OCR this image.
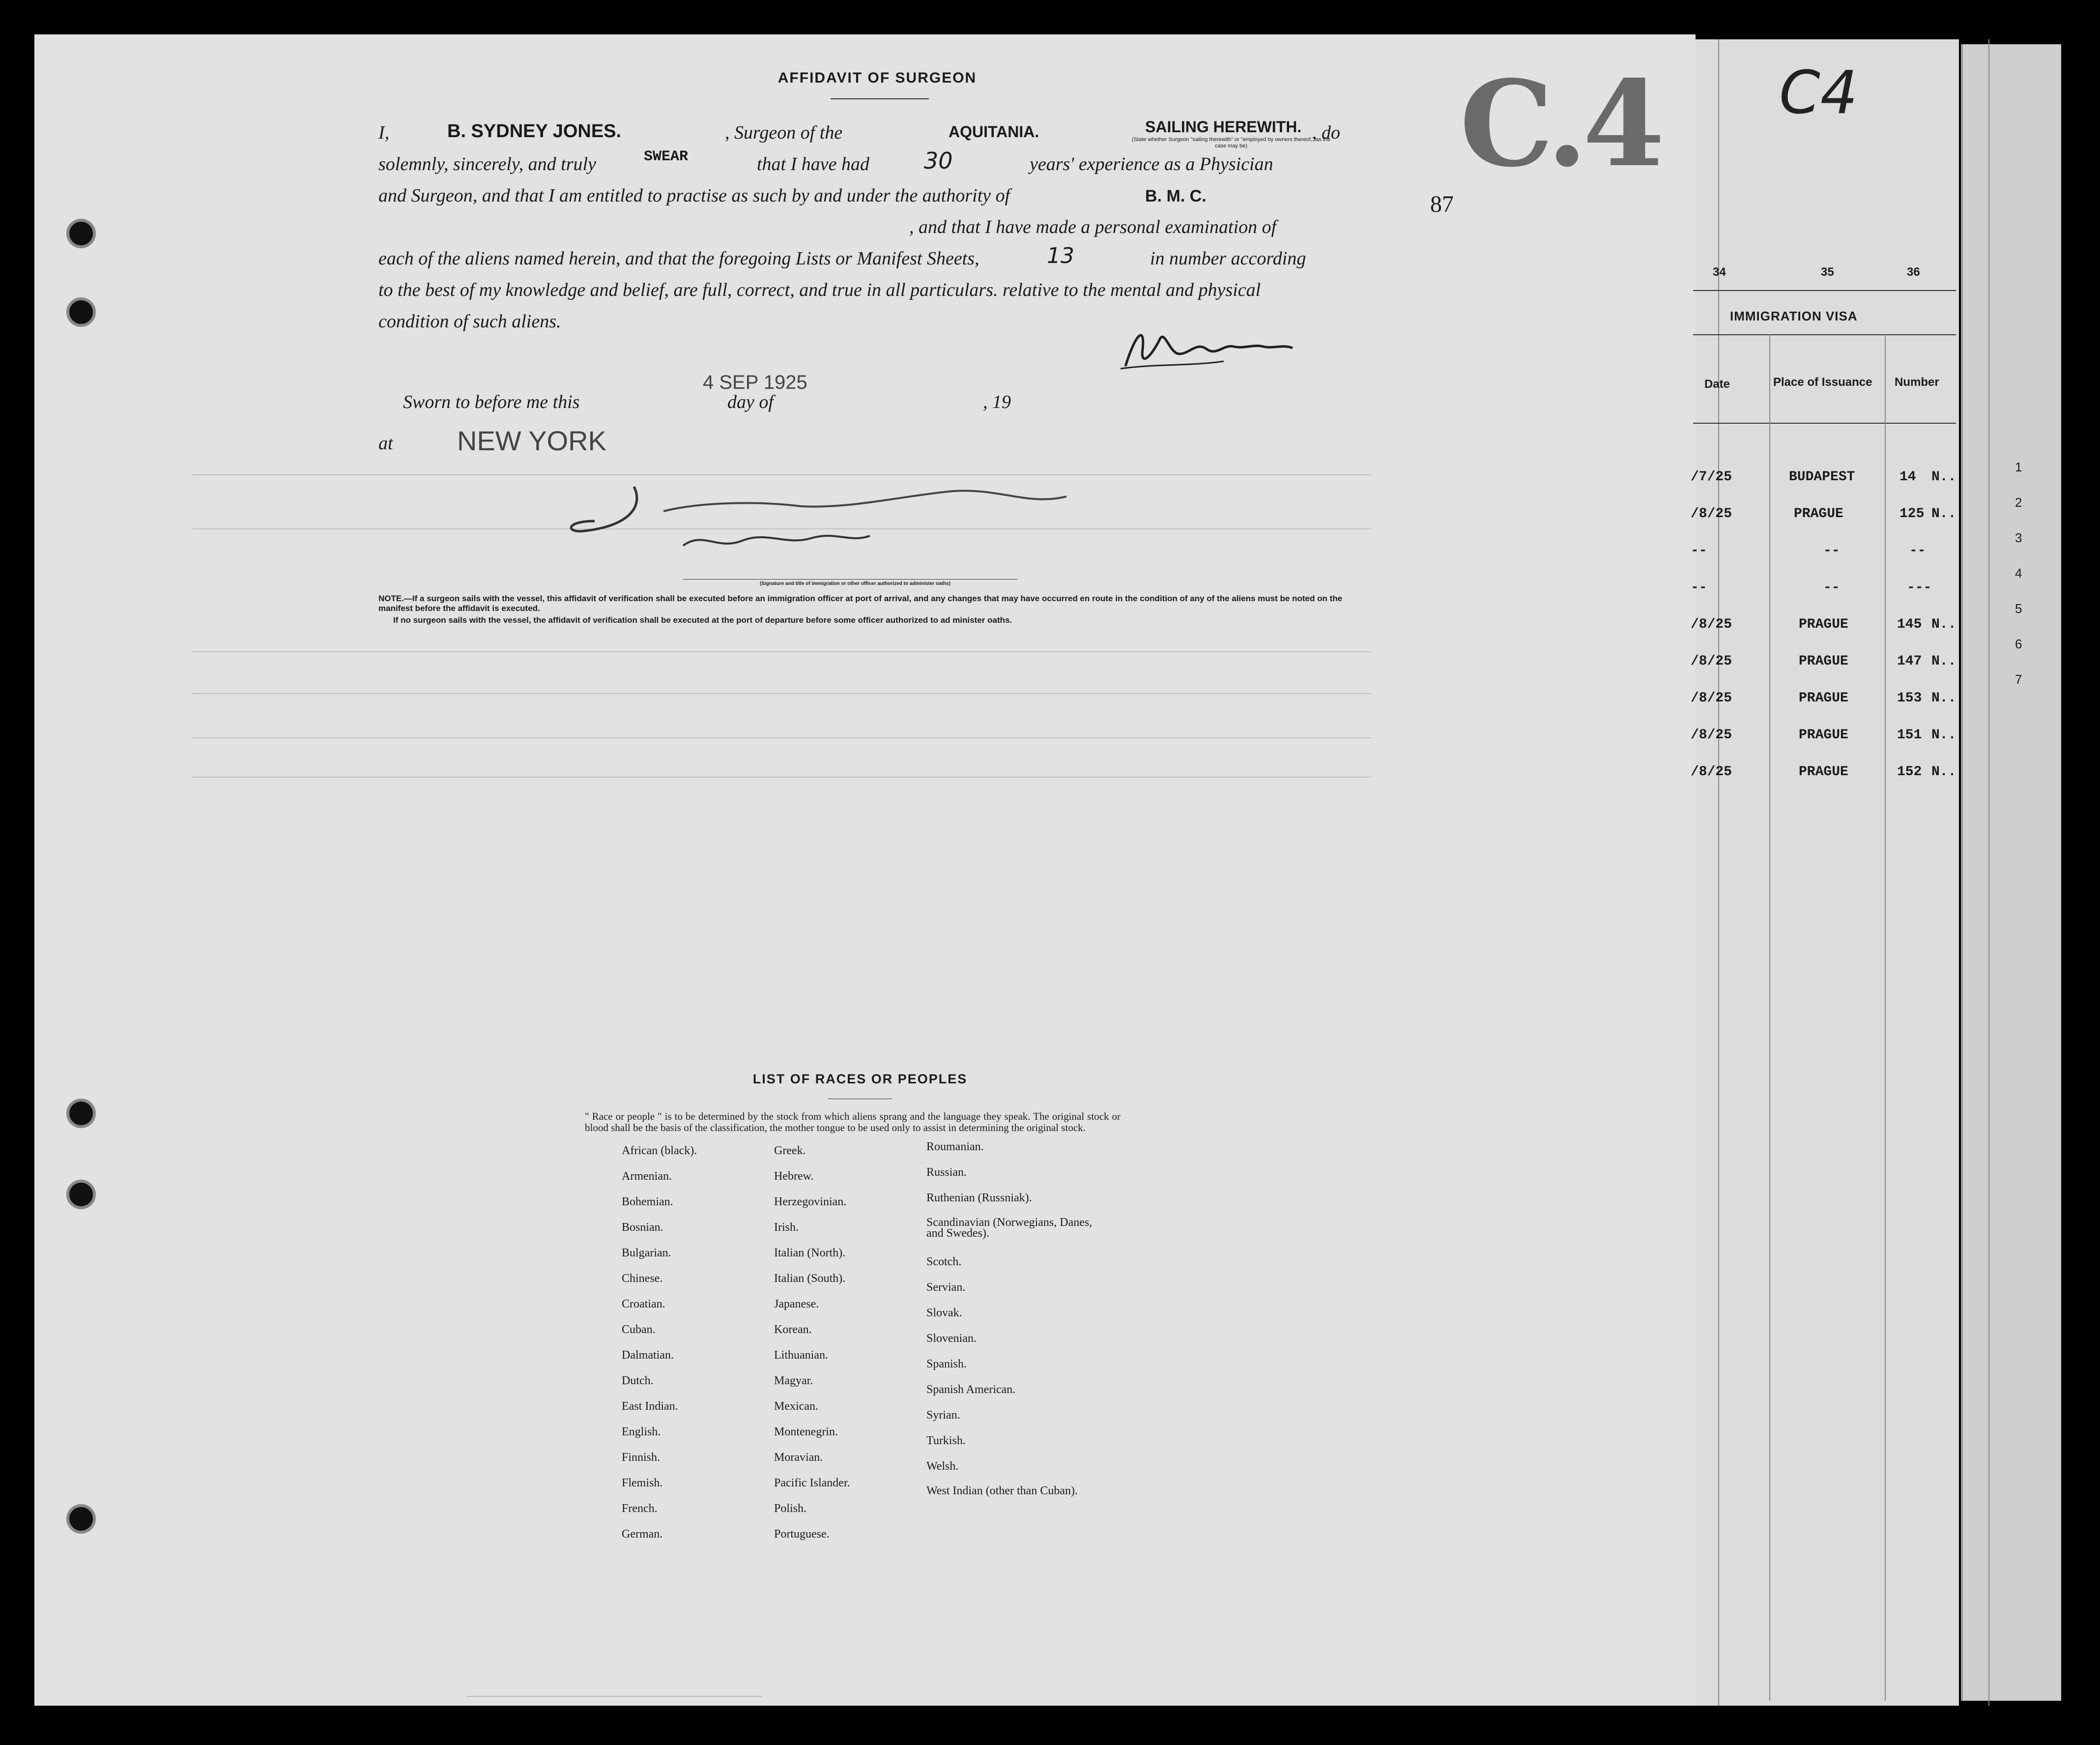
AFFIDAVIT OF SURGEON
I,	B. SYDNEY JONES.	, Surgeon of the	AQUITANIA.	SAILING HEREWITH.
(State whether Surgeon "sailing therewith" or "employed by owners thereof," as the case may be)
, do
solemnly, sincerely, and truly	SWEAR	that I have had 30	years' experience as a Physician
and Surgeon, and that I am entitled to practise as such by and under the authority of	B. M. C.
, and that I have made a personal examination of
each of the aliens named herein, and that the foregoing Lists or Manifest Sheets,	13	in number according
to the best of my knowledge and belief, are full, correct, and true in all particulars. relative to the mental and physical
condition of such aliens.
Sworn to before me this
4 SEP 1925
day of	, 19
at NEW YORK
(Signature and title of immigration or other officer authorized to administer oaths)
NOTE.—If a surgeon sails with the vessel, this affidavit of verification shall be executed before an immigration officer at port of arrival, and any changes that may have occurred en route in the condition of any of the aliens must be noted on the manifest before the affidavit is executed.
If no surgeon sails with the vessel, the affidavit of verification shall be executed at the port of departure before some officer authorized to ad minister oaths.
87
C.4
LIST OF RACES OR PEOPLES
" Race or people " is to be determined by the stock from which aliens sprang and the language they speak. The original stock or blood shall be the basis of the classification, the mother tongue to be used only to assist in determining the original stock.
African (black).
Armenian.
Bohemian.
Bosnian.
Bulgarian.
Chinese.
Croatian.
Cuban.
Dalmatian.
Dutch.
East Indian.
English.
Finnish.
Flemish.
French.
German.
Greek.
Hebrew.
Herzegovinian.
Irish.
Italian (North).
Italian (South).
Japanese.
Korean.
Lithuanian.
Magyar.
Mexican.
Montenegrin.
Moravian.
Pacific Islander.
Polish.
Portuguese.
Roumanian.
Russian.
Ruthenian (Russniak).
Scandinavian (Norwegians, Danes, and Swedes).
Scotch.
Servian.
Slovak.
Slovenian.
Spanish.
Spanish American.
Syrian.
Turkish.
Welsh.
West Indian (other than Cuban).
34	35	36
IMMIGRATION VISA
Date	Place of Issuance Number
/7/25	BUDAPEST	14 N..
/8/25	PRAGUE	125 N..
--	--	--
--	--	---
/8/25	PRAGUE	145 N..
/8/25	PRAGUE	147 N..
/8/25	PRAGUE	153 N..
/8/25	PRAGUE	151 N..
/8/25	PRAGUE	152 N..
C4
1
2
3
4
5
6
7
